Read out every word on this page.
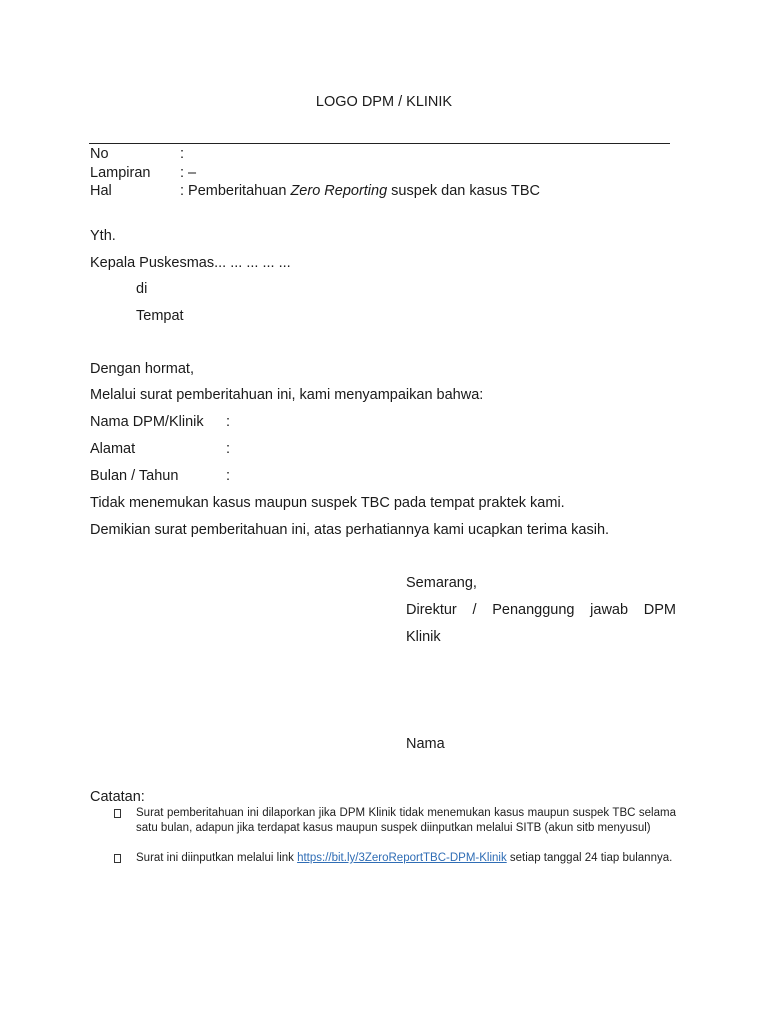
LOGO DPM / KLINIK
No	:
Lampiran : –
Hal	: Pemberitahuan Zero Reporting suspek dan kasus TBC
Yth.
Kepala Puskesmas... ... ... ... ...
di
Tempat
Dengan hormat,
Melalui surat pemberitahuan ini, kami menyampaikan bahwa:
Nama DPM/Klinik :
Alamat	:
Bulan / Tahun	:
Tidak menemukan kasus maupun suspek TBC pada tempat praktek kami.
Demikian surat pemberitahuan ini, atas perhatiannya kami ucapkan terima kasih.
Semarang,
Direktur / Penanggung jawab DPM
Klinik
Nama
Catatan:
Surat pemberitahuan ini dilaporkan jika DPM Klinik tidak menemukan kasus maupun suspek TBC selama satu bulan, adapun jika terdapat kasus maupun suspek diinputkan melalui SITB (akun sitb menyusul)
Surat ini diinputkan melalui link https://bit.ly/3ZeroReportTBC-DPM-Klinik setiap tanggal 24 tiap bulannya.
